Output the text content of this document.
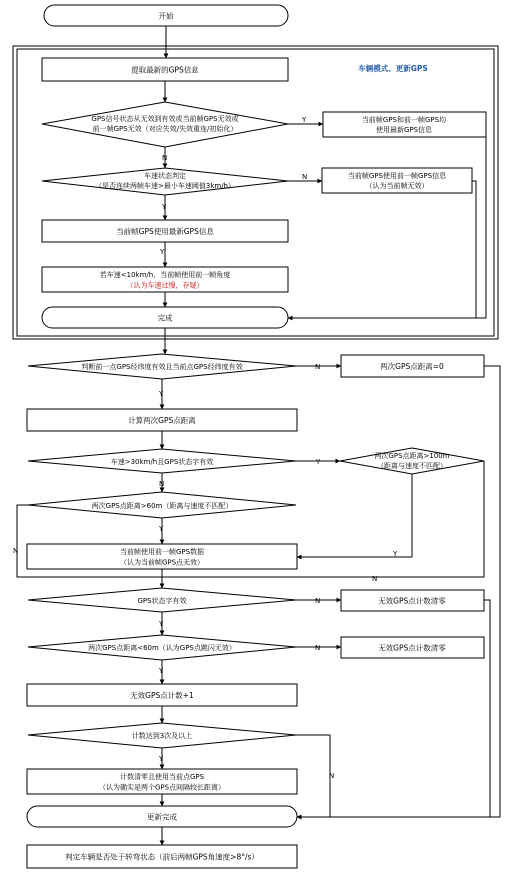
车辆模式、更新GPS
开始
提取最新的GPS信息
GPS信号状态从无效到有效或当前帧GPS无效或
前一帧GPS无效（对应失效/失效重连/初始化）
当前帧GPS和前一帧GPS均
使用最新GPS信息
车速状态判定
（是否连续两帧车速>最小车速阈值3km/h）
当前帧GPS使用前一帧GPS信息
（认为当前帧无效）
当前帧GPS使用最新GPS信息
若车速<10km/h，当前帧使用前一帧角度
（认为车速过慢，存疑）
完成
判断前一点GPS经纬度有效且当前点GPS经纬度有效	两次GPS点距离=0
计算两次GPS点距离
车速>30km/h且GPS状态字有效
两次GPS点距离>100m
（距离与速度不匹配）
两次GPS点距离>60m（距离与速度不匹配）
当前帧使用前一帧GPS数据
（认为当前帧GPS点无效）
GPS状态字有效	无效GPS点计数清零
两次GPS点距离<60m（认为GPS点跳闪无效）	无效GPS点计数清零
无效GPS点计数+1
计数达到3次及以上
计数清零且使用当前点GPS
（认为确实是两个GPS点间隔较长距离）
更新完成
判定车辆是否处于转弯状态（前后两帧GPS角速度>8°/s）
Y
N
N
Y
Y
N
Y
Y
N
Y
N
N
Y
N
Y
N
Y
Y
N
